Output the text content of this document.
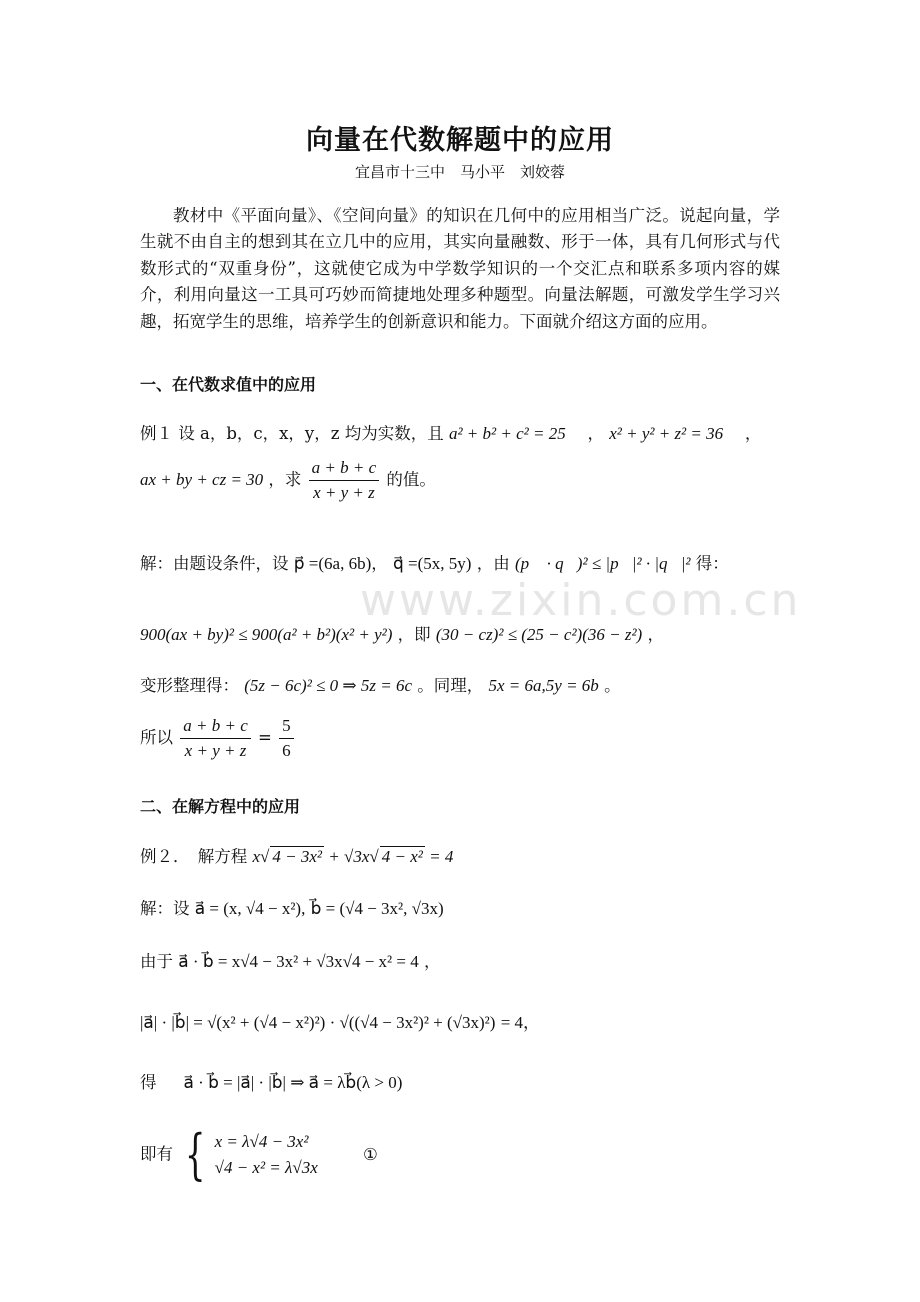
www.zixin.com.cn
向量在代数解题中的应用
宜昌市十三中　马小平　刘姣蓉

教材中《平面向量》、《空间向量》的知识在几何中的应用相当广泛。说起向量，学生就不由自主的想到其在立几中的应用，其实向量融数、形于一体，具有几何形式与代数形式的“双重身份”，这就使它成为中学数学知识的一个交汇点和联系多项内容的媒介，利用向量这一工具可巧妙而简捷地处理多种题型。向量法解题，可激发学生学习兴趣，拓宽学生的思维，培养学生的创新意识和能力。下面就介绍这方面的应用。

一、在代数求值中的应用
例１ 设 a，b，c，x，y，z 均为实数，且 a² + b² + c² = 25 　， x² + y² + z² = 36 　，
ax + by + cz = 30 ，求 $\frac{a + b + c}{x + y + z}$ 的值。
解：由题设条件，设 p⃗ =(6a, 6b)， q⃗ =(5x, 5y) ，由 (p⃗ · q⃗)² ≤ |p⃗|² · |q⃗|² 得：
900(ax + by)² ≤ 900(a² + b²)(x² + y²) ，即 (30 − cz)² ≤ (25 − c²)(36 − z²) ，
变形整理得： (5z − 6c)² ≤ 0 ⇒ 5z = 6c 。同理， 5x = 6a,5y = 6b 。
所以 $\frac{a + b + c}{x + y + z} = \frac{5}{6}$
二、在解方程中的应用
例２．　解方程 x√ 4 − 3x² + √3x√ 4 − x² = 4
解：设 a⃗ = (x, √4 − x²), b⃗ = (√4 − 3x², √3x)
由于 a⃗ · b⃗ = x√4 − 3x² + √3x√4 − x² = 4 ，
|a⃗| · |b⃗| = √(x² + (√4 − x²)²) · √((√4 − 3x²)² + (√3x)²) = 4，
得 　 a⃗ · b⃗ = |a⃗| · |b⃗| ⇒ a⃗ = λb⃗(λ > 0)
即有 { x = λ√4 − 3x²
√4 − x² = λ√3x
①
